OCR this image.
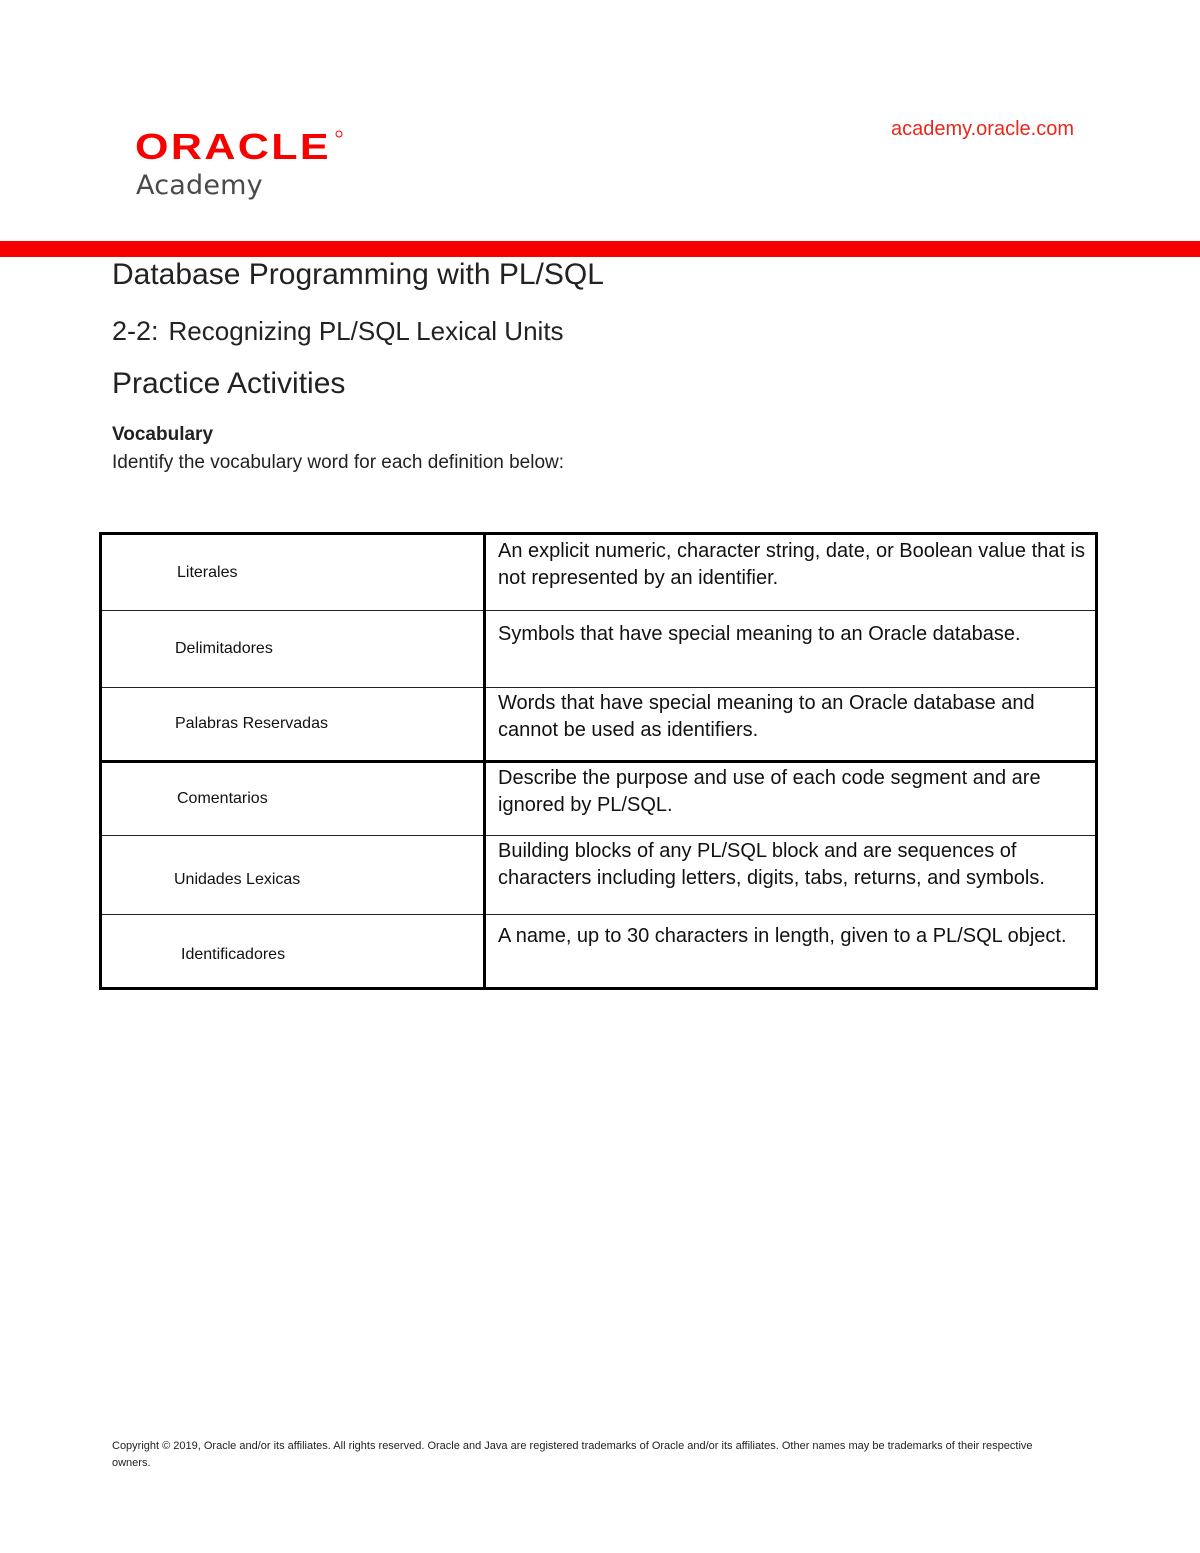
ORACLE
Academy
academy.oracle.com
Database Programming with PL/SQL
2-2: Recognizing PL/SQL Lexical Units
Practice Activities
Vocabulary

Identify the vocabulary word for each definition below:

Literales	An explicit numeric, character string, date, or Boolean value that is not represented by an identifier.
Delimitadores	Symbols that have special meaning to an Oracle database.
Palabras Reservadas	Words that have special meaning to an Oracle database and cannot be used as identifiers.
Comentarios	Describe the purpose and use of each code segment and are ignored by PL/SQL.
Unidades Lexicas	Building blocks of any PL/SQL block and are sequences of characters including letters, digits, tabs, returns, and symbols.
Identificadores	A name, up to 30 characters in length, given to a PL/SQL object.

Copyright © 2019, Oracle and/or its affiliates. All rights reserved. Oracle and Java are registered trademarks of Oracle and/or its affiliates. Other names may be trademarks of their respective owners.
